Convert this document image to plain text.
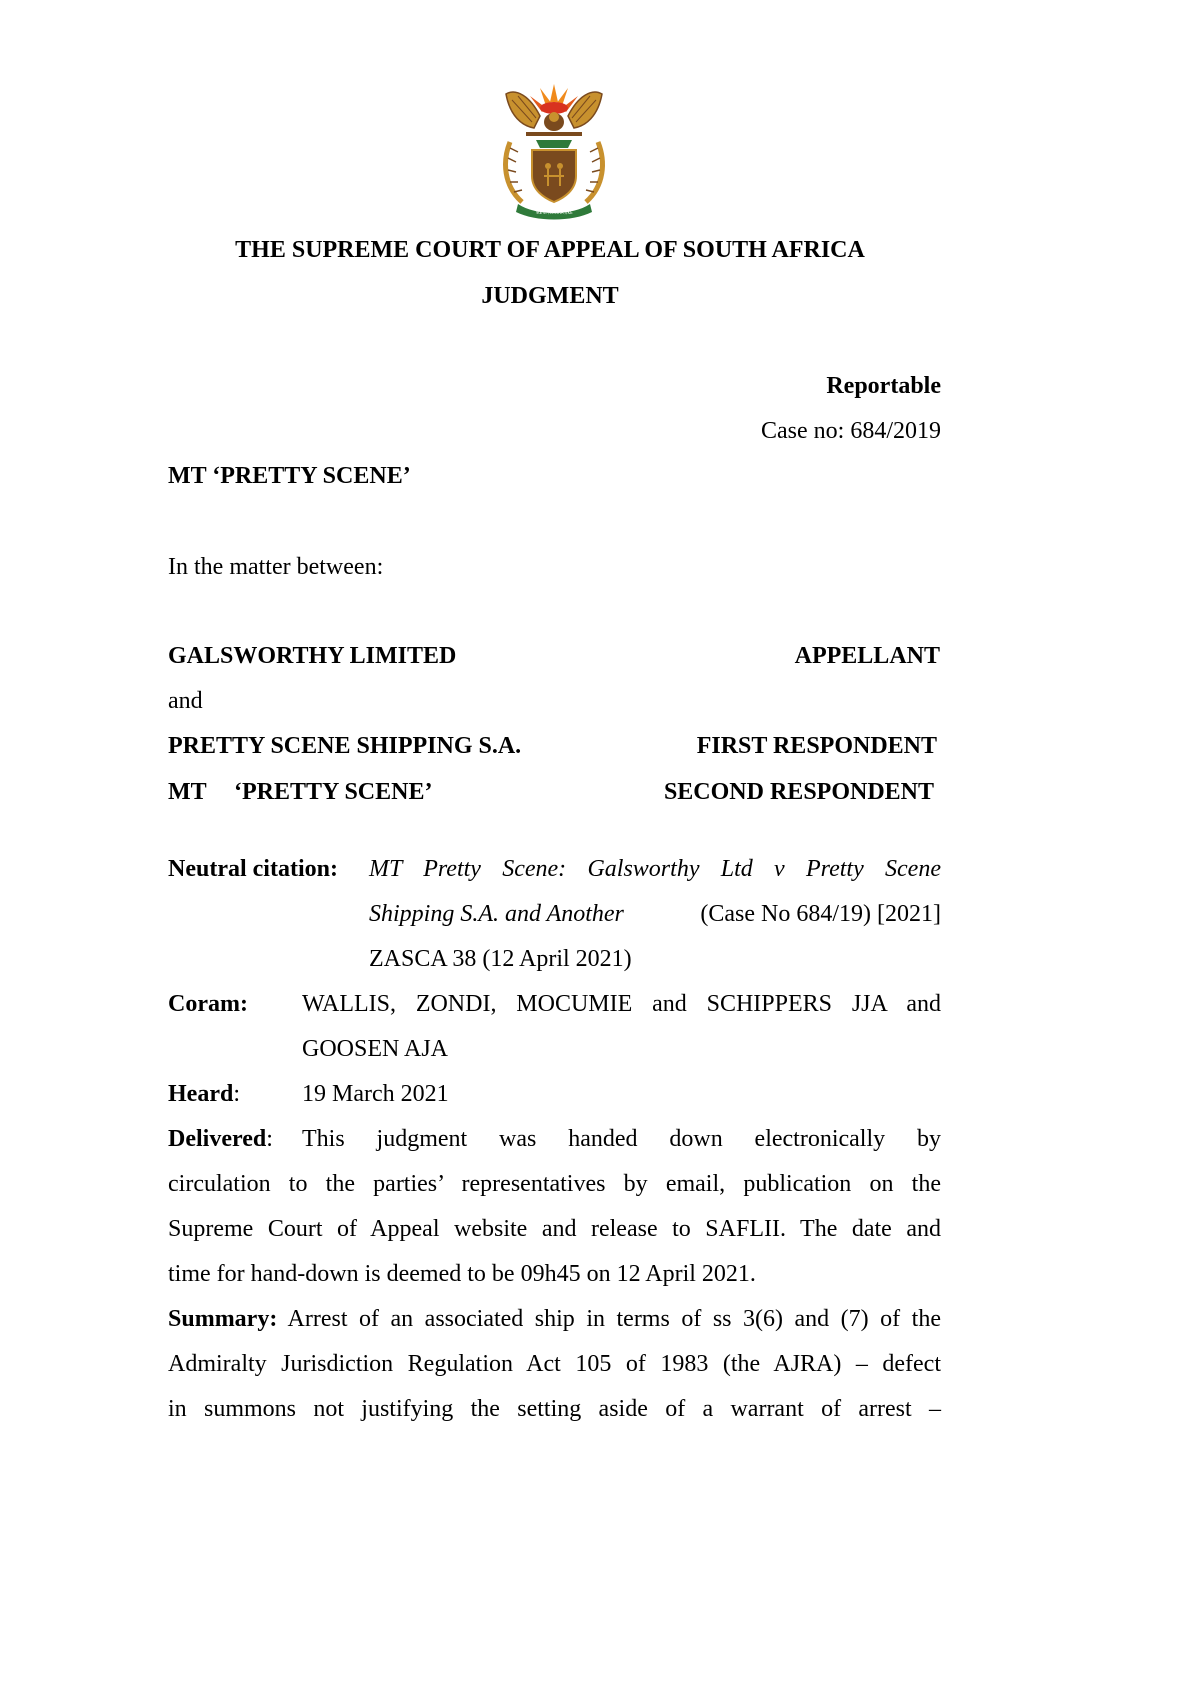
!KE E: /XARRA //KE
THE SUPREME COURT OF APPEAL OF SOUTH AFRICA
JUDGMENT
Reportable
Case no: 684/2019
MT ‘PRETTY SCENE’
In the matter between:
GALSWORTHY LIMITED	APPELLANT
and
PRETTY SCENE SHIPPING S.A.	FIRST RESPONDENT
MT ‘PRETTY SCENE’	SECOND RESPONDENT
Neutral citation: MT Pretty Scene: Galsworthy Ltd v Pretty Scene
Shipping S.A. and Another	(Case No 684/19) [2021]
ZASCA 38 (12 April 2021)
Coram: WALLIS, ZONDI, MOCUMIE and SCHIPPERS JJA and
GOOSEN AJA
Heard:	19 March 2021
Delivered: This judgment was handed down electronically by
circulation to the parties’ representatives by email, publication on the
Supreme Court of Appeal website and release to SAFLII. The date and
time for hand-down is deemed to be 09h45 on 12 April 2021.
Summary: Arrest of an associated ship in terms of ss 3(6) and (7) of the
Admiralty Jurisdiction Regulation Act 105 of 1983 (the AJRA) – defect
in summons not justifying the setting aside of a warrant of arrest –
